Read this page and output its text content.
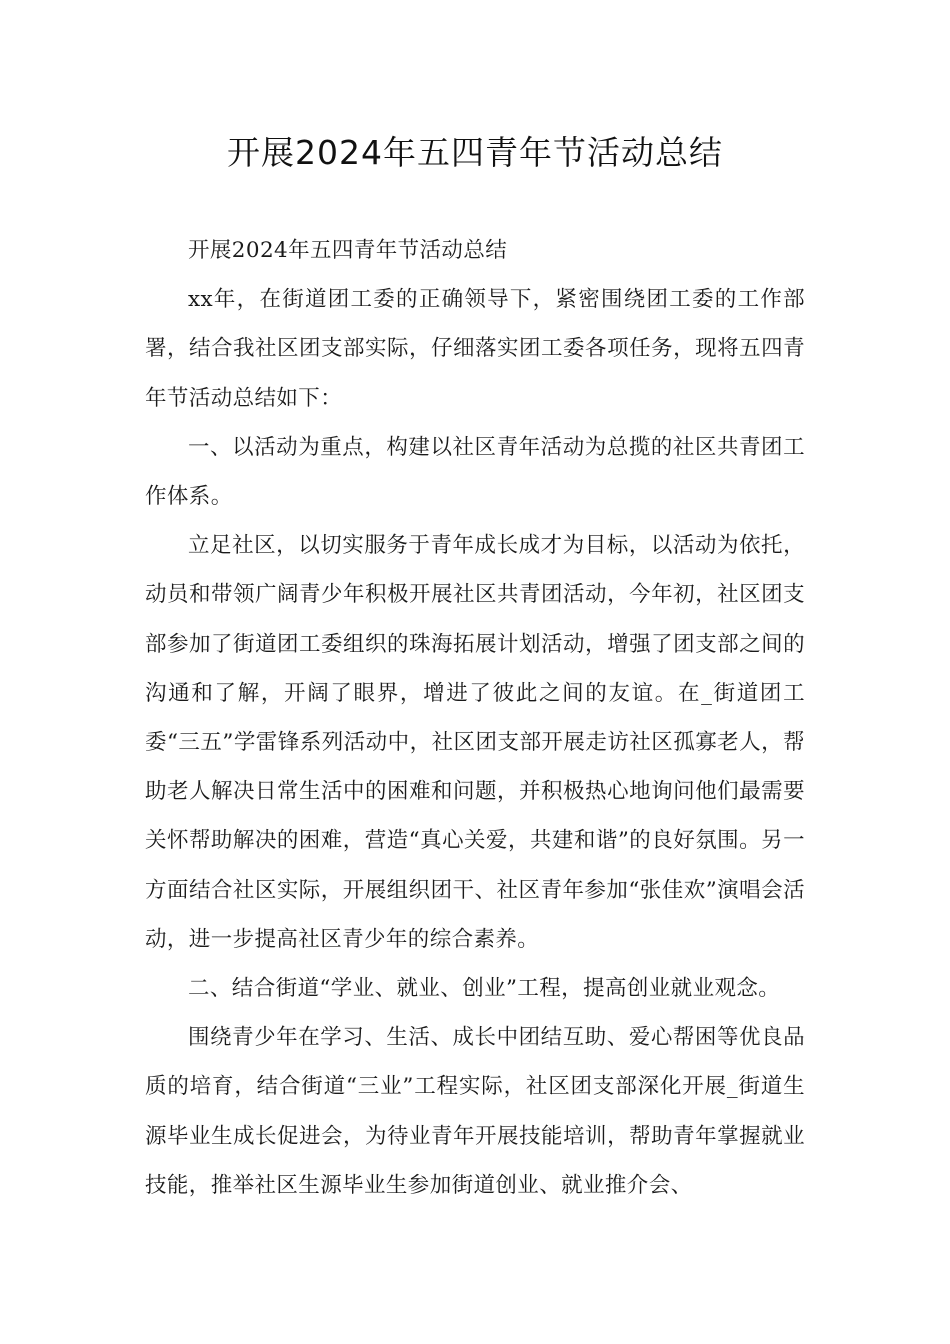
开展2024年五四青年节活动总结

开展2024年五四青年节活动总结

xx年，在街道团工委的正确领导下，紧密围绕团工委的工作部署，结合我社区团支部实际，仔细落实团工委各项任务，现将五四青年节活动总结如下：

一、以活动为重点，构建以社区青年活动为总揽的社区共青团工作体系。

立足社区，以切实服务于青年成长成才为目标，以活动为依托，动员和带领广阔青少年积极开展社区共青团活动，今年初，社区团支部参加了街道团工委组织的珠海拓展计划活动，增强了团支部之间的沟通和了解，开阔了眼界，增进了彼此之间的友谊。在_街道团工委“三五”学雷锋系列活动中，社区团支部开展走访社区孤寡老人，帮助老人解决日常生活中的困难和问题，并积极热心地询问他们最需要关怀帮助解决的困难，营造“真心关爱，共建和谐”的良好氛围。另一方面结合社区实际，开展组织团干、社区青年参加“张佳欢”演唱会活动，进一步提高社区青少年的综合素养。

二、结合街道“学业、就业、创业”工程，提高创业就业观念。

围绕青少年在学习、生活、成长中团结互助、爱心帮困等优良品质的培育，结合街道“三业”工程实际，社区团支部深化开展_街道生源毕业生成长促进会，为待业青年开展技能培训，帮助青年掌握就业技能，推举社区生源毕业生参加街道创业、就业推介会、
